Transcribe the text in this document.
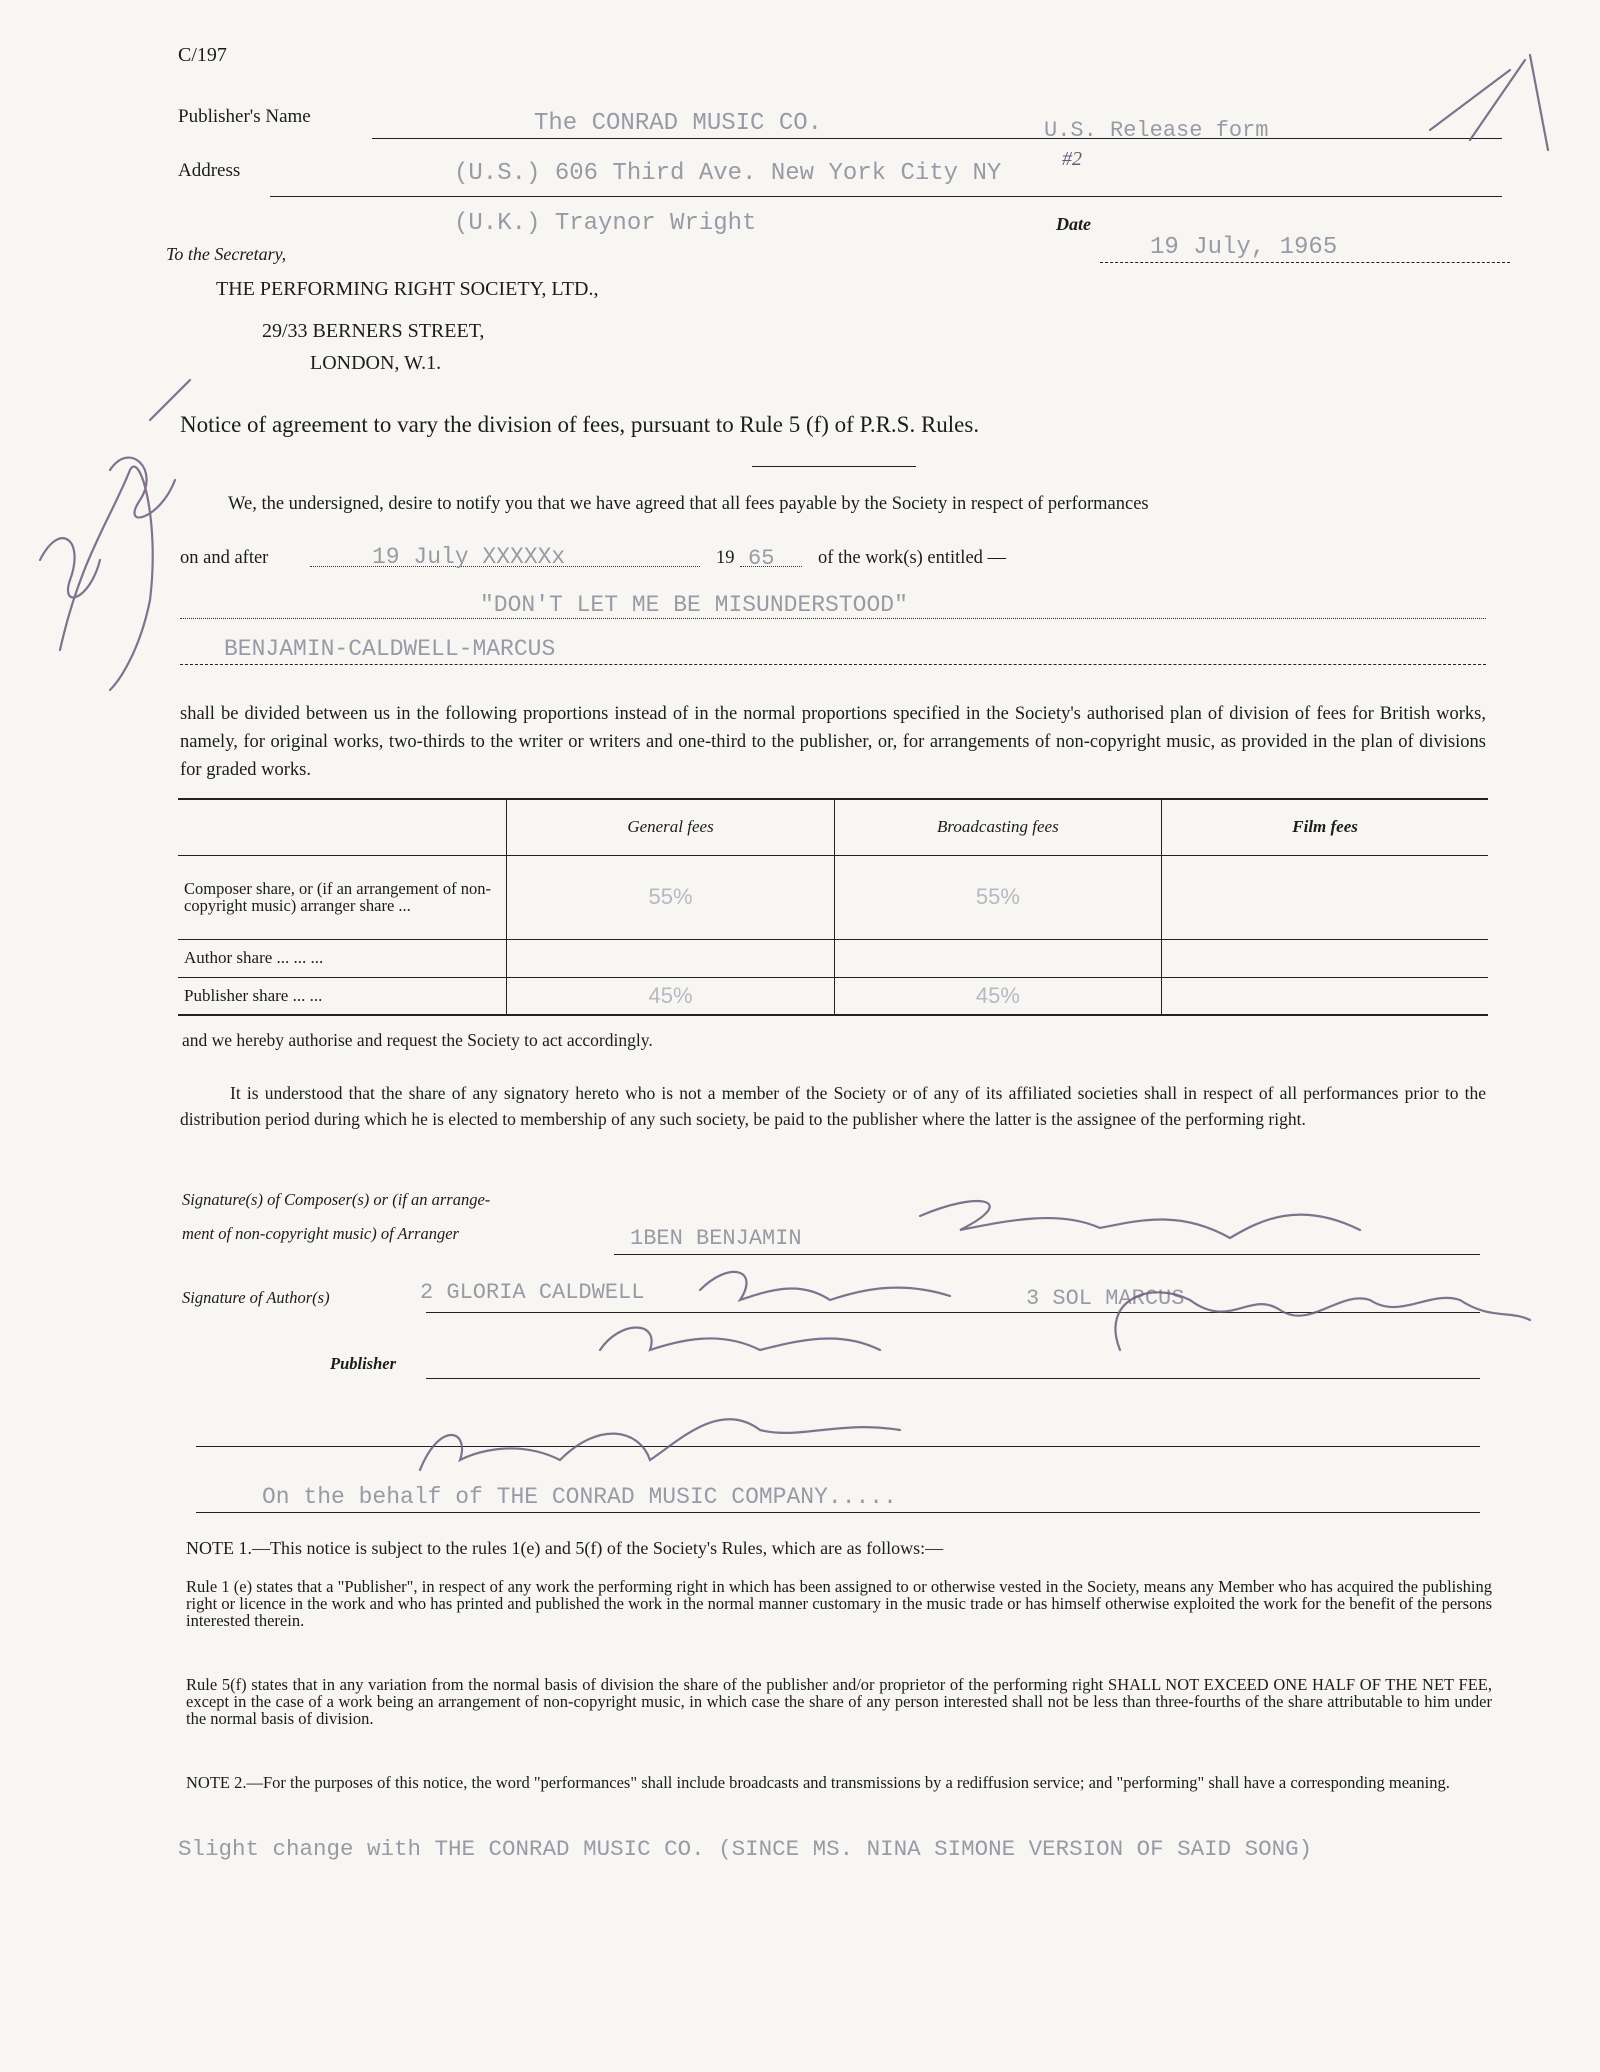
C/197
Publisher's Name	The CONRAD MUSIC CO.	U.S. Release form
Address	(U.S.) 606 Third Ave. New York City NY
#2
(U.K.) Traynor Wright	Date
19 July, 1965
To the Secretary,
THE PERFORMING RIGHT SOCIETY, LTD.,
29/33 BERNERS STREET,
LONDON, W.1.
Notice of agreement to vary the division of fees, pursuant to Rule 5 (f) of P.R.S. Rules.
We, the undersigned, desire to notify you that we have agreed that all fees payable by the Society in respect of performances
on and after	19 July XXXXXx	19 65 of the work(s) entitled —
"DON'T LET ME BE MISUNDERSTOOD"
BENJAMIN-CALDWELL-MARCUS
shall be divided between us in the following proportions instead of in the normal proportions specified in the Society's authorised plan of division of fees for British works, namely, for original works, two-thirds to the writer or writers and one-third to the publisher, or, for arrangements of non-copyright music, as provided in the plan of divisions for graded works.
	General fees	Broadcasting fees	Film fees
Composer share, or (if an arrangement of non-copyright music) arranger share ...	55%	55%	
Author share ... ... ...			
Publisher share ... ...	45%	45%	
and we hereby authorise and request the Society to act accordingly.
It is understood that the share of any signatory hereto who is not a member of the Society or of any of its affiliated societies shall in respect of all performances prior to the distribution period during which he is elected to membership of any such society, be paid to the publisher where the latter is the assignee of the performing right.
Signature(s) of Composer(s) or (if an arrange-
ment of non-copyright music) of Arranger	1BEN BENJAMIN
Signature of Author(s)	2 GLORIA CALDWELL	3 SOL MARCUS
Publisher
On the behalf of THE CONRAD MUSIC COMPANY.....
NOTE 1.—This notice is subject to the rules 1(e) and 5(f) of the Society's Rules, which are as follows:—
Rule 1 (e) states that a "Publisher", in respect of any work the performing right in which has been assigned to or otherwise vested in the Society, means any Member who has acquired the publishing right or licence in the work and who has printed and published the work in the normal manner customary in the music trade or has himself otherwise exploited the work for the benefit of the persons interested therein.
Rule 5(f) states that in any variation from the normal basis of division the share of the publisher and/or proprietor of the performing right SHALL NOT EXCEED ONE HALF OF THE NET FEE, except in the case of a work being an arrangement of non-copyright music, in which case the share of any person interested shall not be less than three-fourths of the share attributable to him under the normal basis of division.
NOTE 2.—For the purposes of this notice, the word "performances" shall include broadcasts and transmissions by a rediffusion service; and "performing" shall have a corresponding meaning.
Slight change with THE CONRAD MUSIC CO. (SINCE MS. NINA SIMONE VERSION OF SAID SONG)
